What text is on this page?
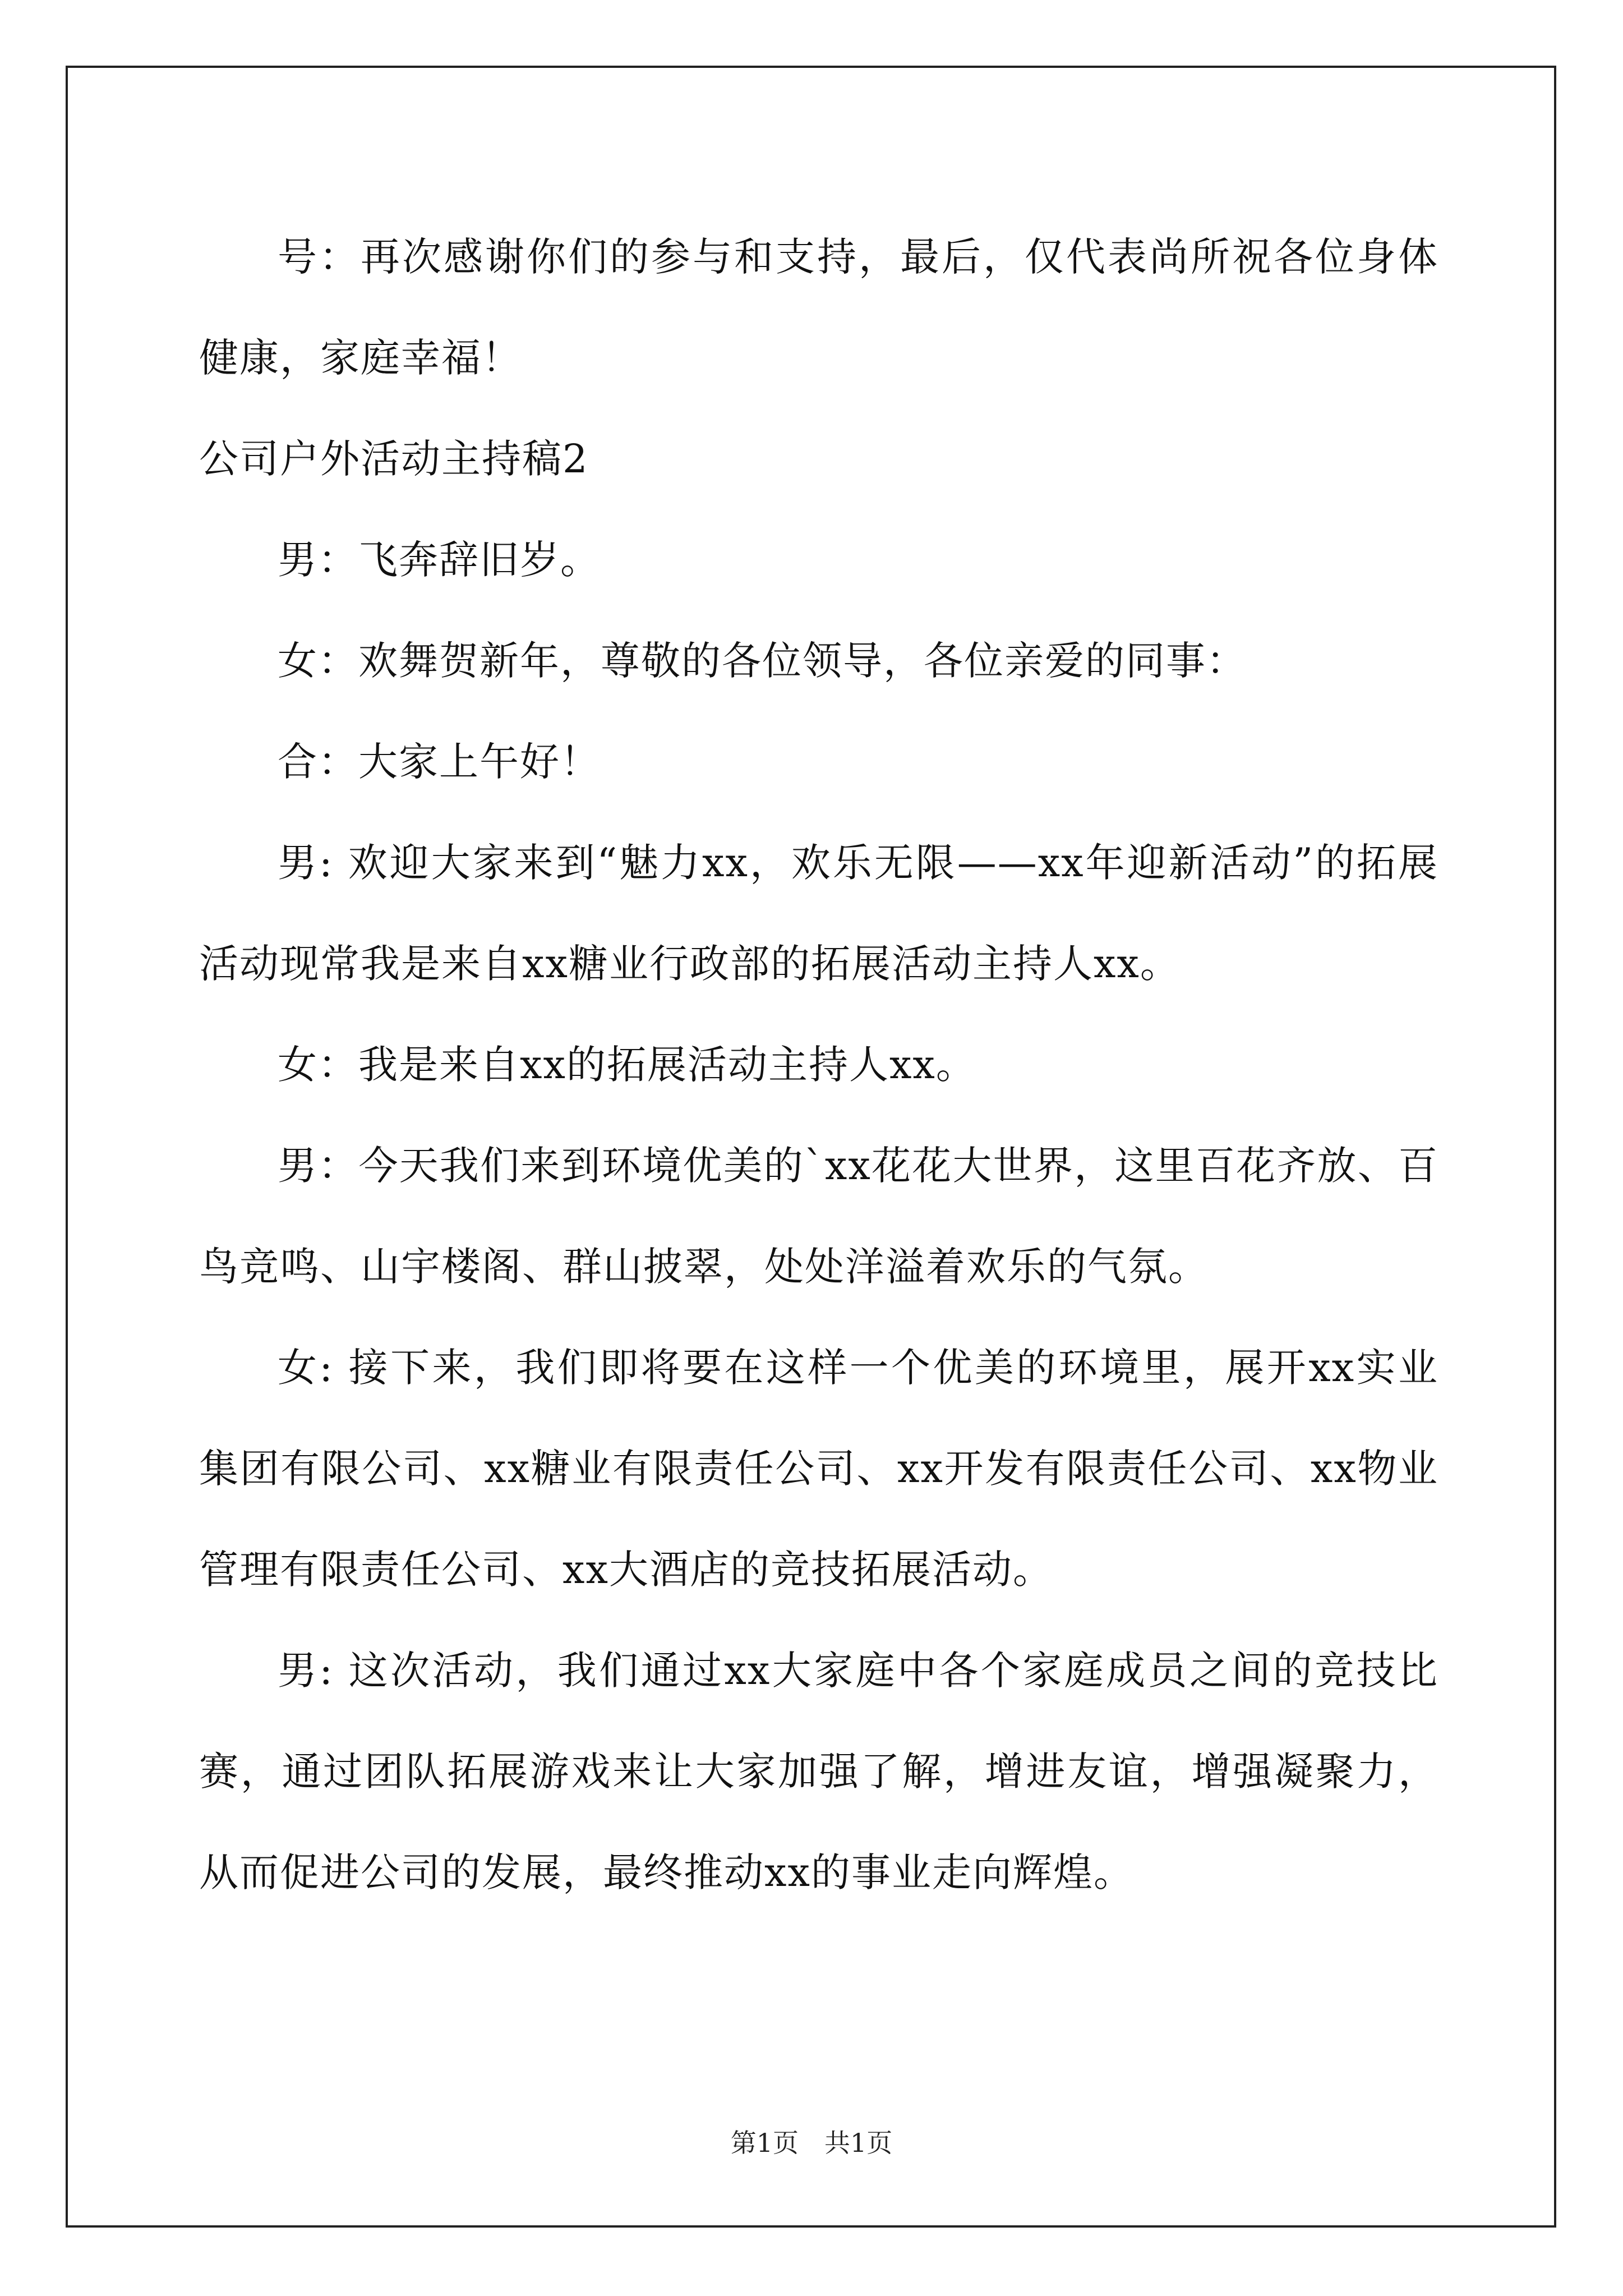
号：再次感谢你们的参与和支持，最后，仅代表尚所祝各位身体健康，家庭幸福！

公司户外活动主持稿2

男：飞奔辞旧岁。

女：欢舞贺新年，尊敬的各位领导，各位亲爱的同事：

合：大家上午好！

男: 欢迎大家来到“魅力xx，欢乐无限——xx年迎新活动”的拓展活动现常我是来自xx糖业行政部的拓展活动主持人xx。

女：我是来自xx的拓展活动主持人xx。

男：今天我们来到环境优美的`xx花花大世界，这里百花齐放、百鸟竞鸣、山宇楼阁、群山披翠，处处洋溢着欢乐的气氛。

女: 接下来，我们即将要在这样一个优美的环境里，展开xx实业集团有限公司、xx糖业有限责任公司、xx开发有限责任公司、xx物业管理有限责任公司、xx大酒店的竞技拓展活动。

男: 这次活动，我们通过xx大家庭中各个家庭成员之间的竞技比赛，通过团队拓展游戏来让大家加强了解，增进友谊，增强凝聚力，从而促进公司的发展，最终推动xx的事业走向辉煌。

第1页 共1页
